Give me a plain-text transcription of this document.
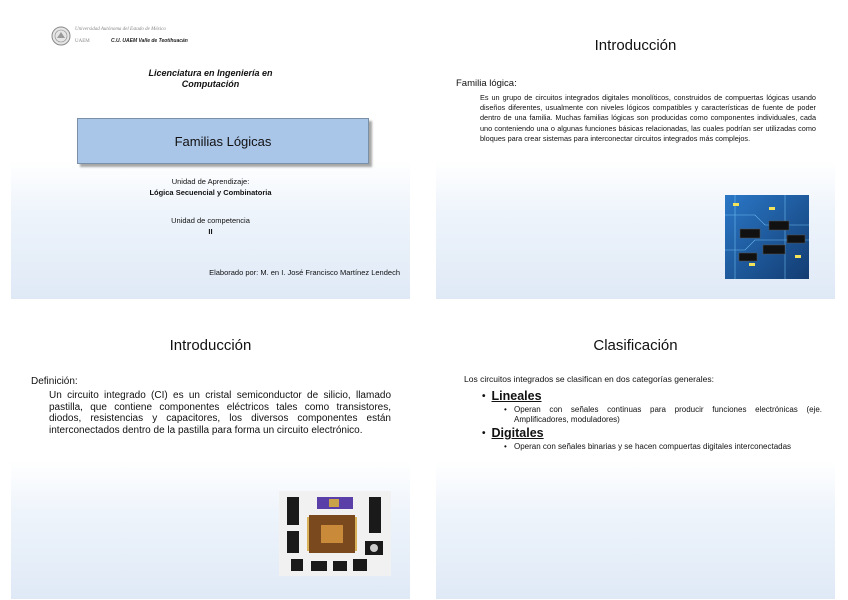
Universidad Autónoma del Estado de México
UAEM	C.U. UAEM Valle de Teotihuacán
Licenciatura en Ingeniería en
Computación
Familias Lógicas
Unidad de Aprendizaje:
Lógica Secuencial y Combinatoria
Unidad de competencia
II
Elaborado por: M. en I. José Francisco Martínez Lendech
Introducción
Familia lógica:
Es un grupo de circuitos integrados digitales monolíticos, construidos de compuertas lógicas usando diseños diferentes, usualmente con niveles lógicos compatibles y características de fuente de poder dentro de una familia. Muchas familias lógicas son producidas como componentes individuales, cada uno conteniendo una o algunas funciones básicas relacionadas, las cuales podrían ser utilizadas como bloques para crear sistemas para interconectar circuitos integrados más complejos.
Introducción
Definición:
Un circuito integrado (CI) es un cristal semiconductor de silicio, llamado pastilla, que contiene componentes eléctricos tales como transistores, diodos, resistencias y capacitores, los diversos componentes están interconectados dentro de la pastilla para forma un circuito electrónico.
Clasificación
Los circuitos integrados se clasifican en dos categorías generales:
• Lineales
• Operan con señales continuas para producir funciones electrónicas (eje. Amplificadores, moduladores)
• Digitales
• Operan con señales binarias y se hacen compuertas digitales interconectadas
